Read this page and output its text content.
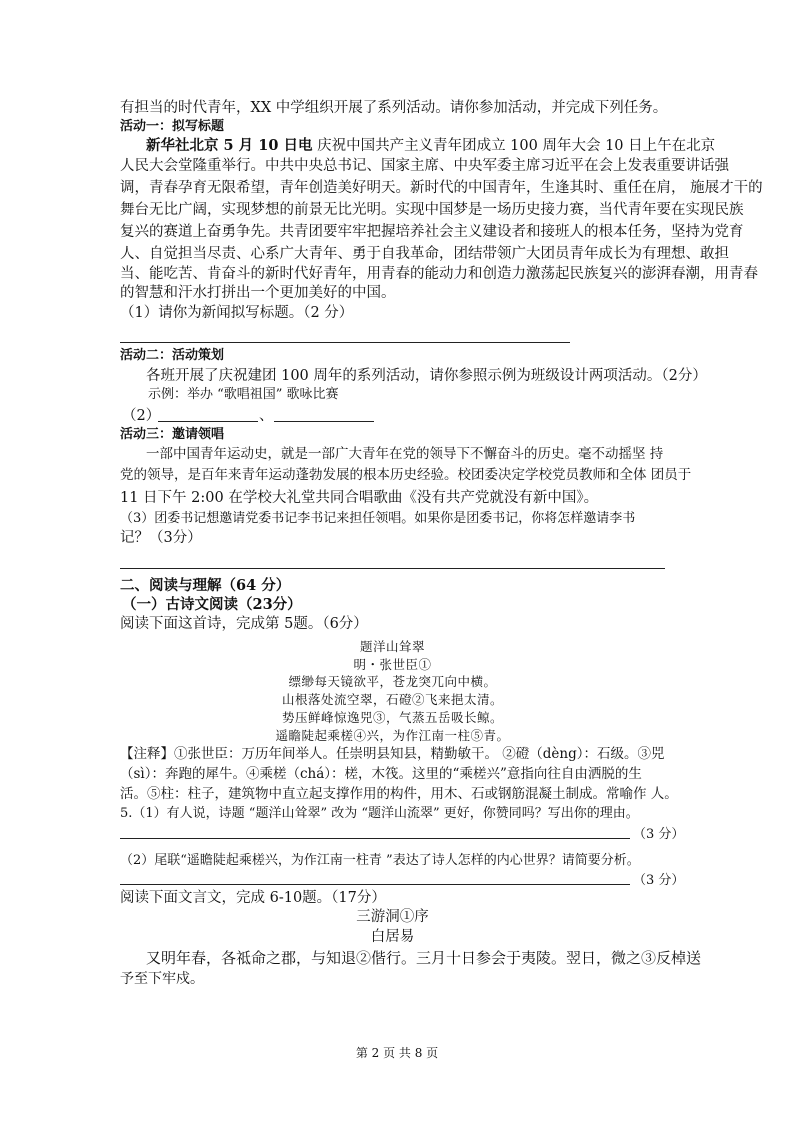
有担当的时代青年，XX 中学组织开展了系列活动。请你参加活动，并完成下列任务。
活动一：拟写标题
新华社北京 5 月 10 日电 庆祝中国共产主义青年团成立 100 周年大会 10 日上午在北京
人民大会堂隆重举行。中共中央总书记、国家主席、中央军委主席习近平在会上发表重要讲话强
调，青春孕育无限希望，青年创造美好明天。新时代的中国青年，生逢其时、重任在肩， 施展才干的
舞台无比广阔，实现梦想的前景无比光明。实现中国梦是一场历史接力赛，当代青年要在实现民族
复兴的赛道上奋勇争先。共青团要牢牢把握培养社会主义建设者和接班人的根本任务，坚持为党育
人、自觉担当尽责、心系广大青年、勇于自我革命，团结带领广大团员青年成长为有理想、敢担
当、能吃苦、肯奋斗的新时代好青年，用青春的能动力和创造力激荡起民族复兴的澎湃春潮，用青春
的智慧和汗水打拼出一个更加美好的中国。
（1）请你为新闻拟写标题。（2 分）
活动二：活动策划
各班开展了庆祝建团 100 周年的系列活动，请你参照示例为班级设计两项活动。（2分）
示例：举办 “歌唱祖国” 歌咏比赛
（2）	、
活动三：邀请领唱
一部中国青年运动史，就是一部广大青年在党的领导下不懈奋斗的历史。毫不动摇坚 持
党的领导，是百年来青年运动蓬勃发展的根本历史经验。校团委决定学校党员教师和全体 团员于
11 日下午 2:00 在学校大礼堂共同合唱歌曲《没有共产党就没有新中国》。
（3）团委书记想邀请党委书记李书记来担任领唱。如果你是团委书记，你将怎样邀请李书
记？（3分）
二、阅读与理解（64 分）
（一）古诗文阅读（23分）
阅读下面这首诗，完成第 5题。（6分）
题洋山耸翠
明・张世臣①
缥缈每天镜欲平，苍龙突兀向中横。
山根落处流空翠，石磴②飞来挹太清。
势压鲜峰惊逸兕③，气蒸五岳吸长鲸。
遥瞻陡起乘槎④兴，为作江南一柱⑤青。
【注释】①张世臣：万历年间举人。任崇明县知县，精勤敏干。 ②磴（dèng）：石级。③兕
（sì）：奔跑的犀牛。④乘槎（chá）：槎，木筏。这里的“乘槎兴”意指向往自由洒脱的生
活。⑤柱：柱子，建筑物中直立起支撑作用的构件，用木、石或钢筋混凝土制成。常喻作 人。
5.（1）有人说，诗题 “题洋山耸翠” 改为 “题洋山流翠” 更好，你赞同吗？写出你的理由。
（3 分）
（2）尾联“遥瞻陡起乘槎兴，为作江南一柱青 ”表达了诗人怎样的内心世界？请简要分析。
（3 分）
阅读下面文言文，完成 6-10题。（17分）
三游洞①序
白居易
又明年春，各祗命之郡，与知退②偕行。三月十日参会于夷陵。翌日，微之③反棹送
予至下牢戍。
第 2 页 共 8 页
